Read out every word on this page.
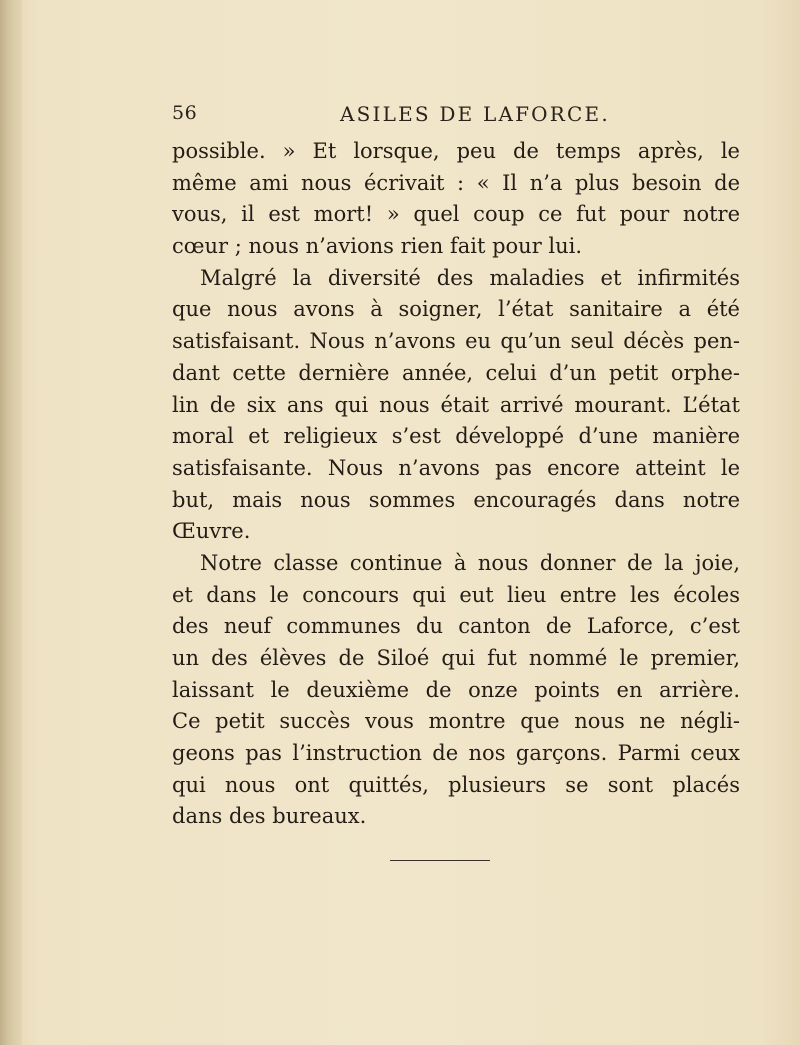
56	ASILES DE LAFORCE.
possible. » Et lorsque, peu de temps après, le
même ami nous écrivait : « Il n’a plus besoin de
vous, il est mort! » quel coup ce fut pour notre
cœur ; nous n’avions rien fait pour lui.
Malgré la diversité des maladies et infirmités
que nous avons à soigner, l’état sanitaire a été
satisfaisant. Nous n’avons eu qu’un seul décès pen-
dant cette dernière année, celui d’un petit orphe-
lin de six ans qui nous était arrivé mourant. L’état
moral et religieux s’est développé d’une manière
satisfaisante. Nous n’avons pas encore atteint le
but, mais nous sommes encouragés dans notre
Œuvre.
Notre classe continue à nous donner de la joie,
et dans le concours qui eut lieu entre les écoles
des neuf communes du canton de Laforce, c’est
un des élèves de Siloé qui fut nommé le premier,
laissant le deuxième de onze points en arrière.
Ce petit succès vous montre que nous ne négli-
geons pas l’instruction de nos garçons. Parmi ceux
qui nous ont quittés, plusieurs se sont placés
dans des bureaux.
